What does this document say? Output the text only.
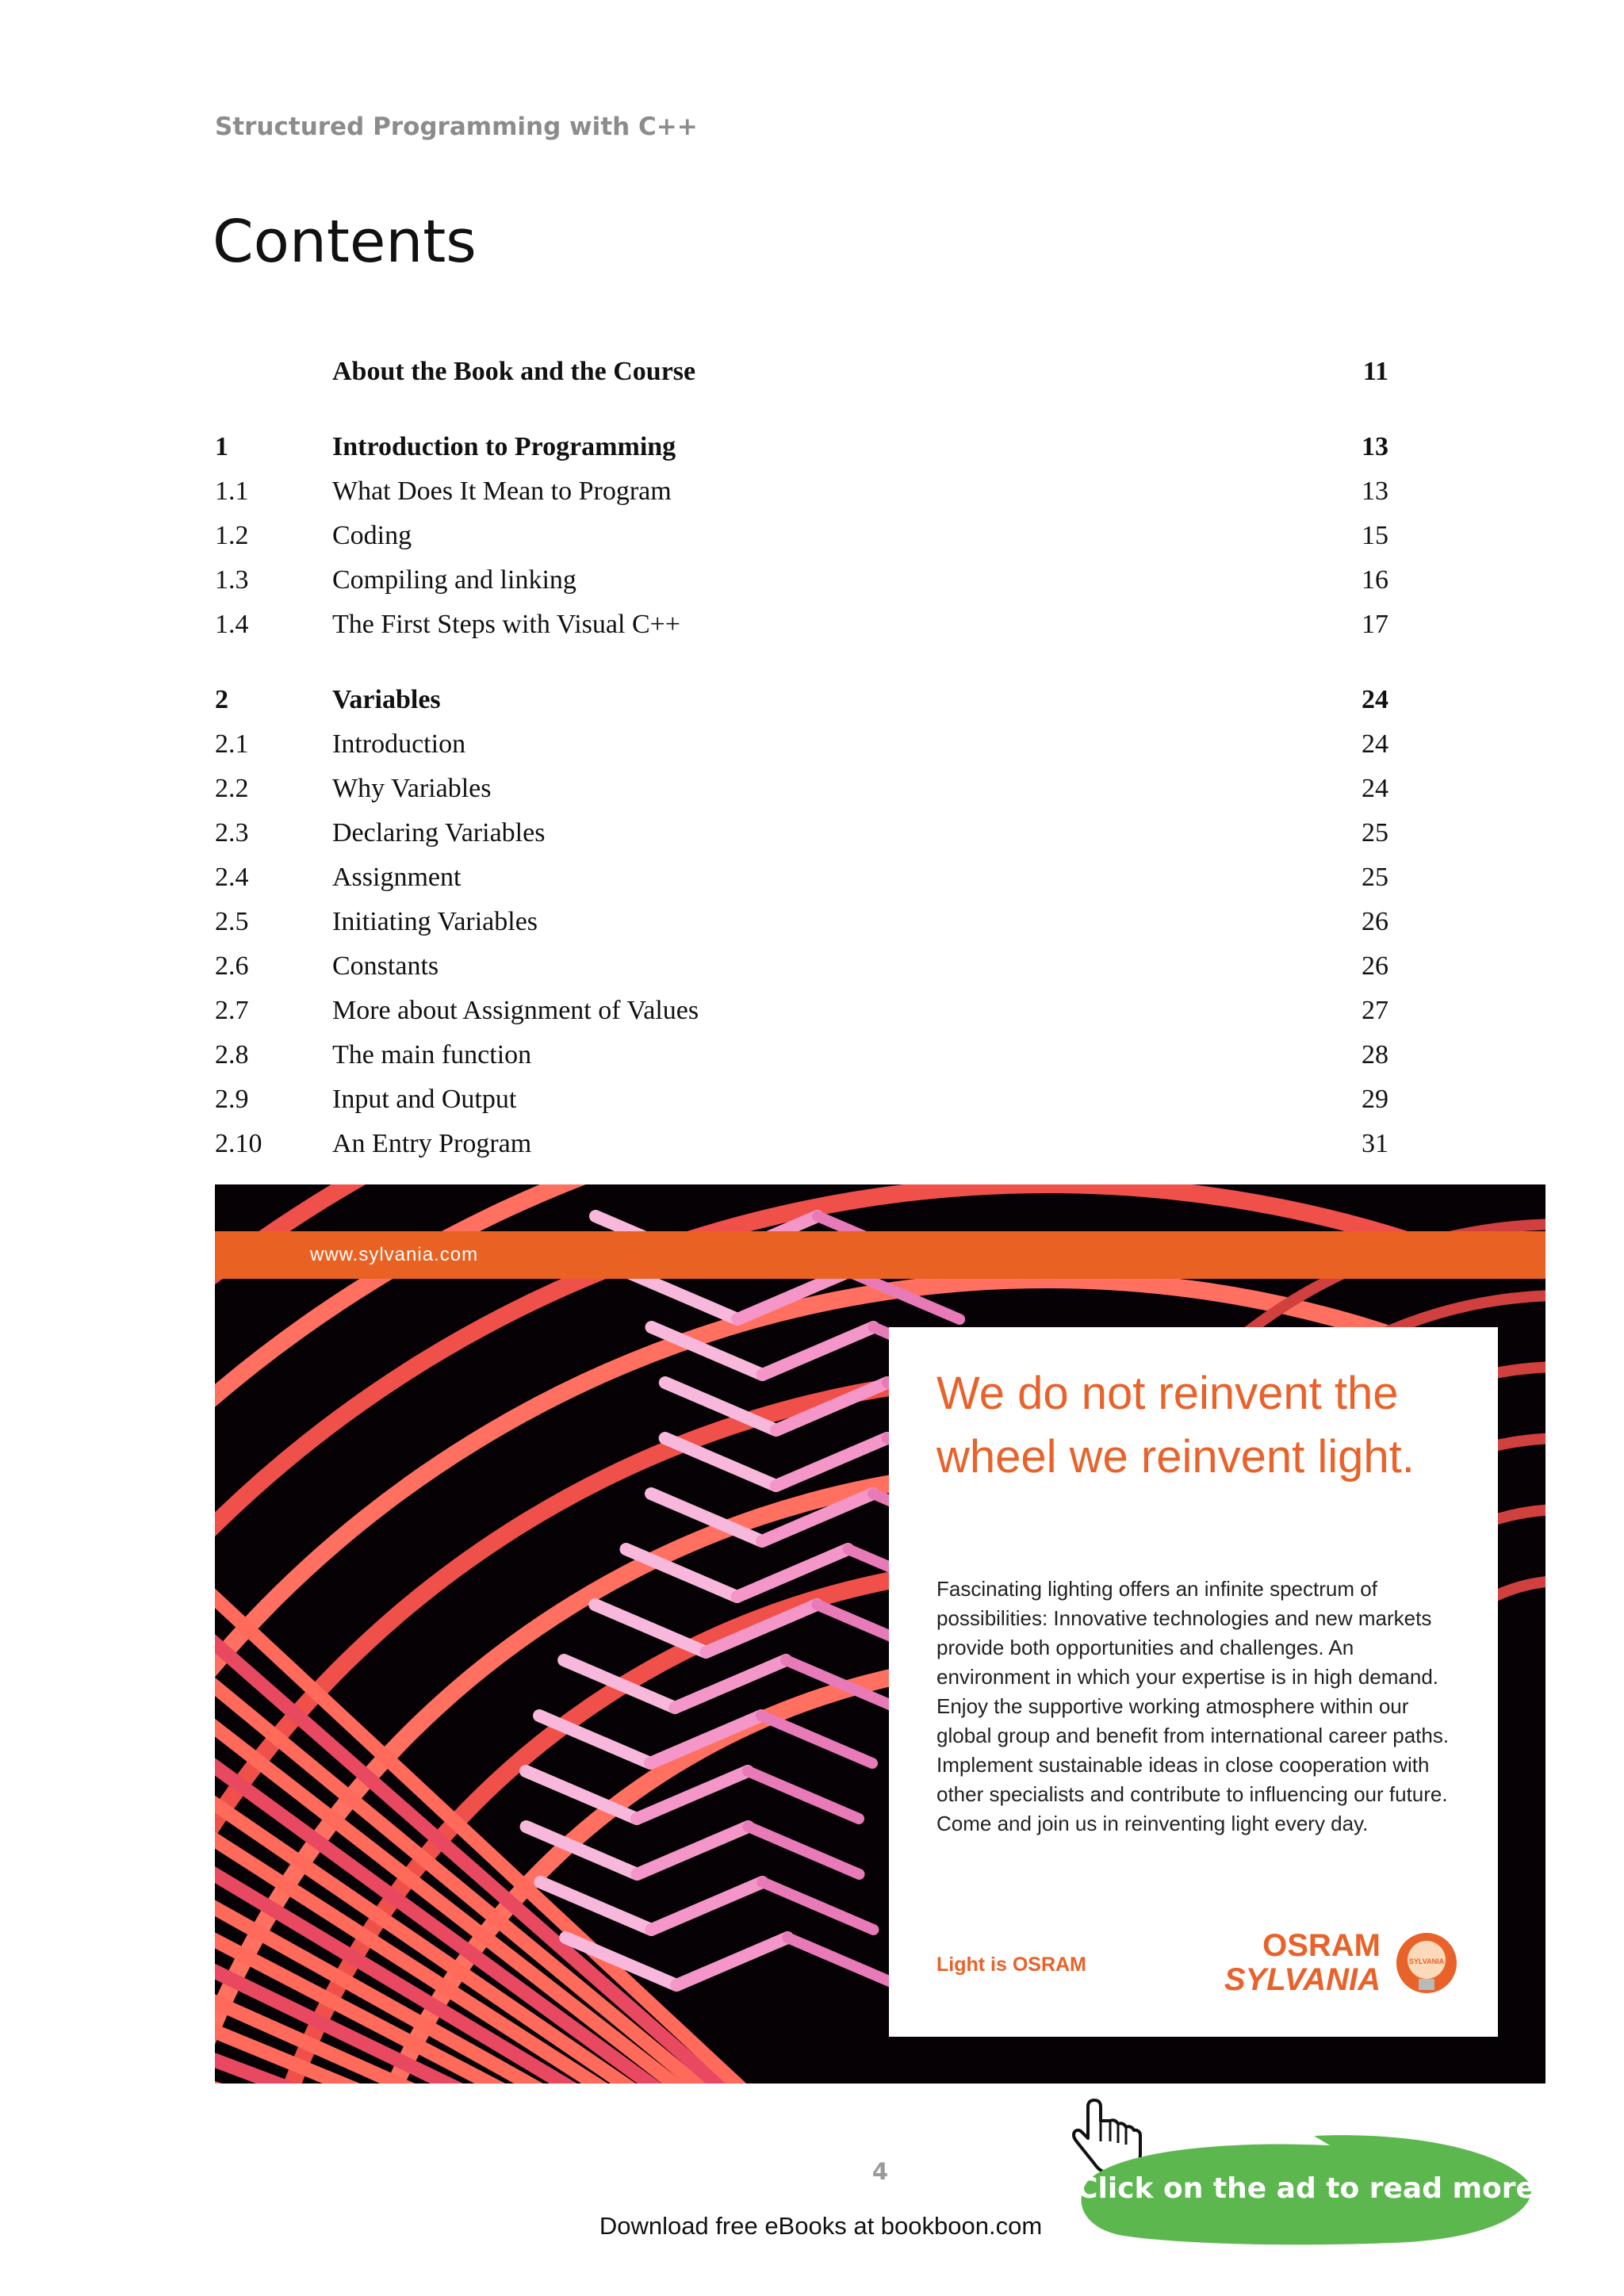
Structured Programming with C++
Contents
About the Book and the Course	11
1	Introduction to Programming	13
1.1	What Does It Mean to Program	13
1.2	Coding	15
1.3	Compiling and linking	16
1.4	The First Steps with Visual C++	17
2	Variables	24
2.1	Introduction	24
2.2	Why Variables	24
2.3	Declaring Variables	25
2.4	Assignment	25
2.5	Initiating Variables	26
2.6	Constants	26
2.7	More about Assignment of Values	27
2.8	The main function	28
2.9	Input and Output	29
2.10	An Entry Program	31
www.sylvania.com
We do not reinvent the wheel we reinvent light.

Fascinating lighting offers an infinite spectrum of possibilities: Innovative technologies and new markets provide both opportunities and challenges. An environment in which your expertise is in high demand. Enjoy the supportive working atmosphere within our global group and benefit from international career paths. Implement sustainable ideas in close cooperation with other specialists and contribute to influencing our future. Come and join us in reinventing light every day.

Light is OSRAM
OSRAM
SYLVANIA
SYLVANIA
Click on the ad to read more
4
Download free eBooks at bookboon.com
